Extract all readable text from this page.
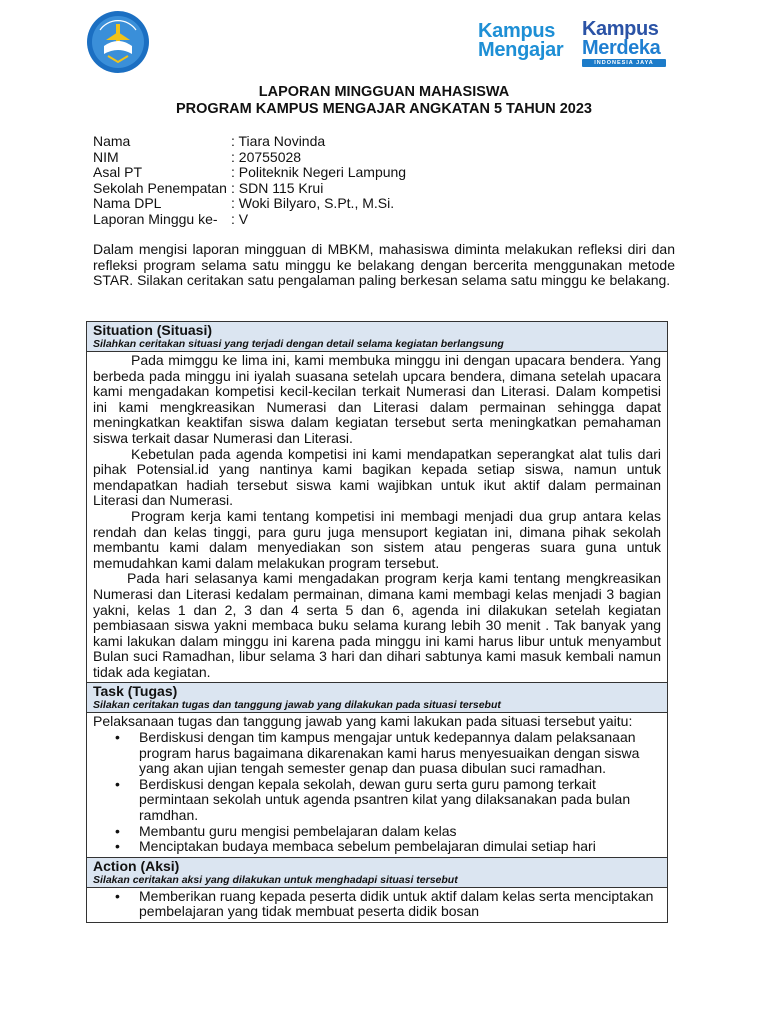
Kampus
Mengajar
Kampus
Merdeka
INDONESIA JAYA
LAPORAN MINGGUAN MAHASISWA
PROGRAM KAMPUS MENGAJAR ANGKATAN 5 TAHUN 2023
Nama	: Tiara Novinda
NIM	: 20755028
Asal PT	: Politeknik Negeri Lampung
Sekolah Penempatan : SDN 115 Krui
Nama DPL	: Woki Bilyaro, S.Pt., M.Si.
Laporan Minggu ke- : V
Dalam mengisi laporan mingguan di MBKM, mahasiswa diminta melakukan refleksi diri dan refleksi program selama satu minggu ke belakang dengan bercerita menggunakan metode STAR. Silakan ceritakan satu pengalaman paling berkesan selama satu minggu ke belakang.
Situation (Situasi)
Silahkan ceritakan situasi yang terjadi dengan detail selama kegiatan berlangsung

Pada mimggu ke lima ini, kami membuka minggu ini dengan upacara bendera. Yang berbeda pada minggu ini iyalah suasana setelah upcara bendera, dimana setelah upacara kami mengadakan kompetisi kecil-kecilan terkait Numerasi dan Literasi. Dalam kompetisi ini kami mengkreasikan Numerasi dan Literasi dalam permainan sehingga dapat meningkatkan keaktifan siswa dalam kegiatan tersebut serta meningkatkan pemahaman siswa terkait dasar Numerasi dan Literasi.

Kebetulan pada agenda kompetisi ini kami mendapatkan seperangkat alat tulis dari pihak Potensial.id yang nantinya kami bagikan kepada setiap siswa, namun untuk mendapatkan hadiah tersebut siswa kami wajibkan untuk ikut aktif dalam permainan Literasi dan Numerasi.

Program kerja kami tentang kompetisi ini membagi menjadi dua grup antara kelas rendah dan kelas tinggi, para guru juga mensuport kegiatan ini, dimana pihak sekolah membantu kami dalam menyediakan son sistem atau pengeras suara guna untuk memudahkan kami dalam melakukan program tersebut.

Pada hari selasanya kami mengadakan program kerja kami tentang mengkreasikan Numerasi dan Literasi kedalam permainan, dimana kami membagi kelas menjadi 3 bagian yakni, kelas 1 dan 2, 3 dan 4 serta 5 dan 6, agenda ini dilakukan setelah kegiatan pembiasaan siswa yakni membaca buku selama kurang lebih 30 menit . Tak banyak yang kami lakukan dalam minggu ini karena pada minggu ini kami harus libur untuk menyambut Bulan suci Ramadhan, libur selama 3 hari dan dihari sabtunya kami masuk kembali namun tidak ada kegiatan.

Task (Tugas)
Silakan ceritakan tugas dan tanggung jawab yang dilakukan pada situasi tersebut
Pelaksanaan tugas dan tanggung jawab yang kami lakukan pada situasi tersebut yaitu:
• Berdiskusi dengan tim kampus mengajar untuk kedepannya dalam pelaksanaan program harus bagaimana dikarenakan kami harus menyesuaikan dengan siswa yang akan ujian tengah semester genap dan puasa dibulan suci ramadhan.
• Berdiskusi dengan kepala sekolah, dewan guru serta guru pamong terkait permintaan sekolah untuk agenda psantren kilat yang dilaksanakan pada bulan ramdhan.
• Membantu guru mengisi pembelajaran dalam kelas
• Menciptakan budaya membaca sebelum pembelajaran dimulai setiap hari
Action (Aksi)
Silakan ceritakan aksi yang dilakukan untuk menghadapi situasi tersebut
• Memberikan ruang kepada peserta didik untuk aktif dalam kelas serta menciptakan pembelajaran yang tidak membuat peserta didik bosan
